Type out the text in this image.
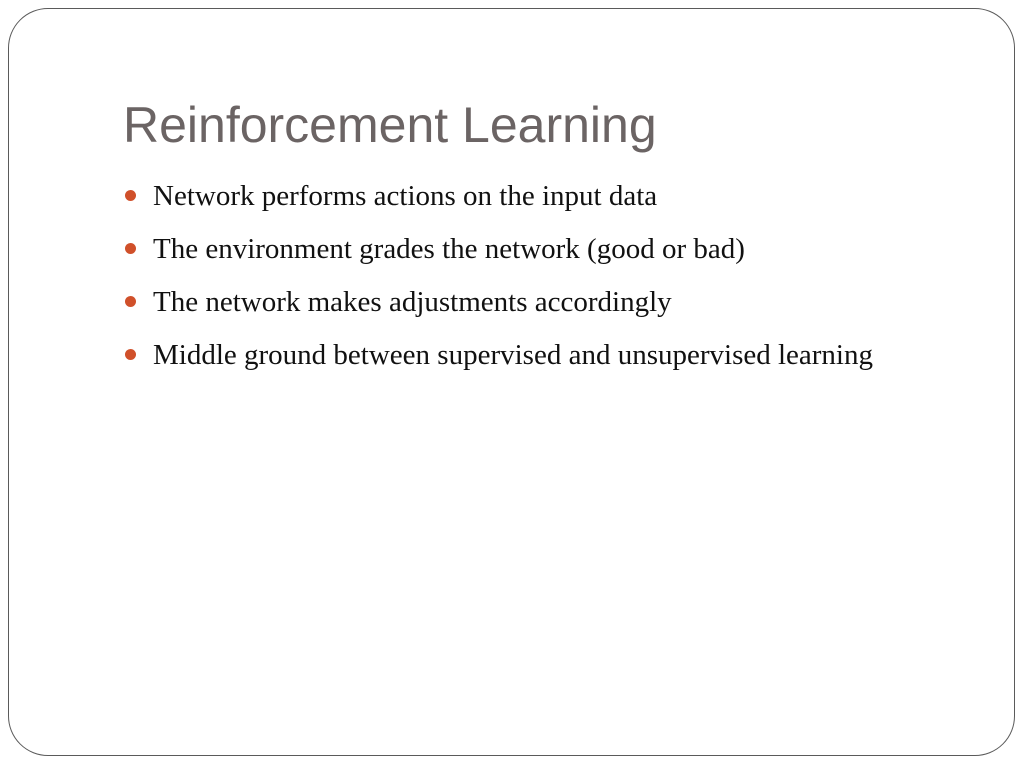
Reinforcement Learning
Network performs actions on the input data
The environment grades the network (good or bad)
The network makes adjustments accordingly
Middle ground between supervised and unsupervised learning
